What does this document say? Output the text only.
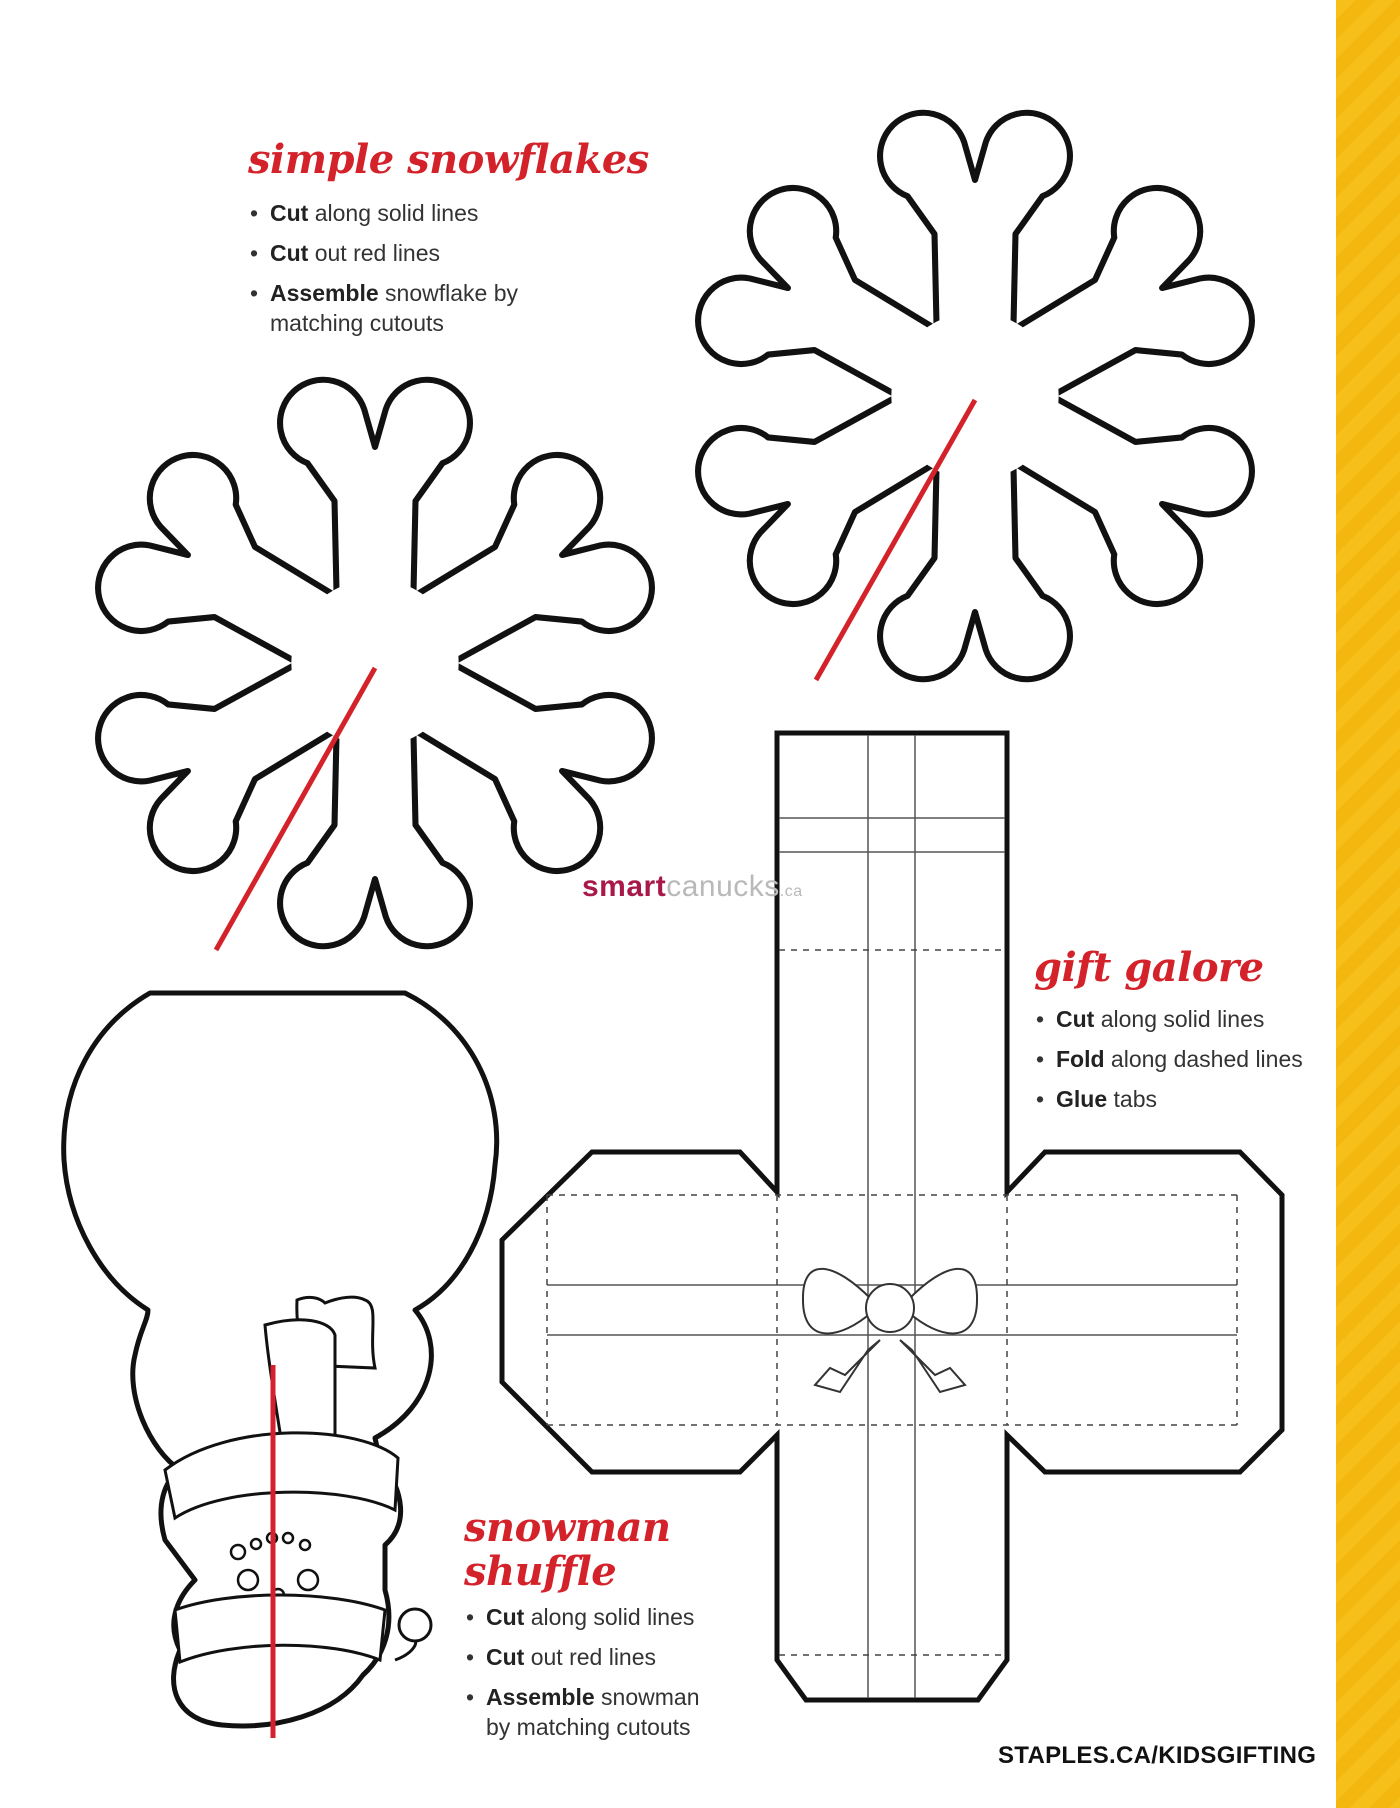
simple snowflakes
• Cut along solid lines
• Cut out red lines
• Assemble snowflake by matching cutouts
gift galore
• Cut along solid lines
• Fold along dashed lines
• Glue tabs
snowman
shuffle
• Cut along solid lines
• Cut out red lines
• Assemble snowman by matching cutouts
smartcanucks.ca
STAPLES.CA/KIDSGIFTING
